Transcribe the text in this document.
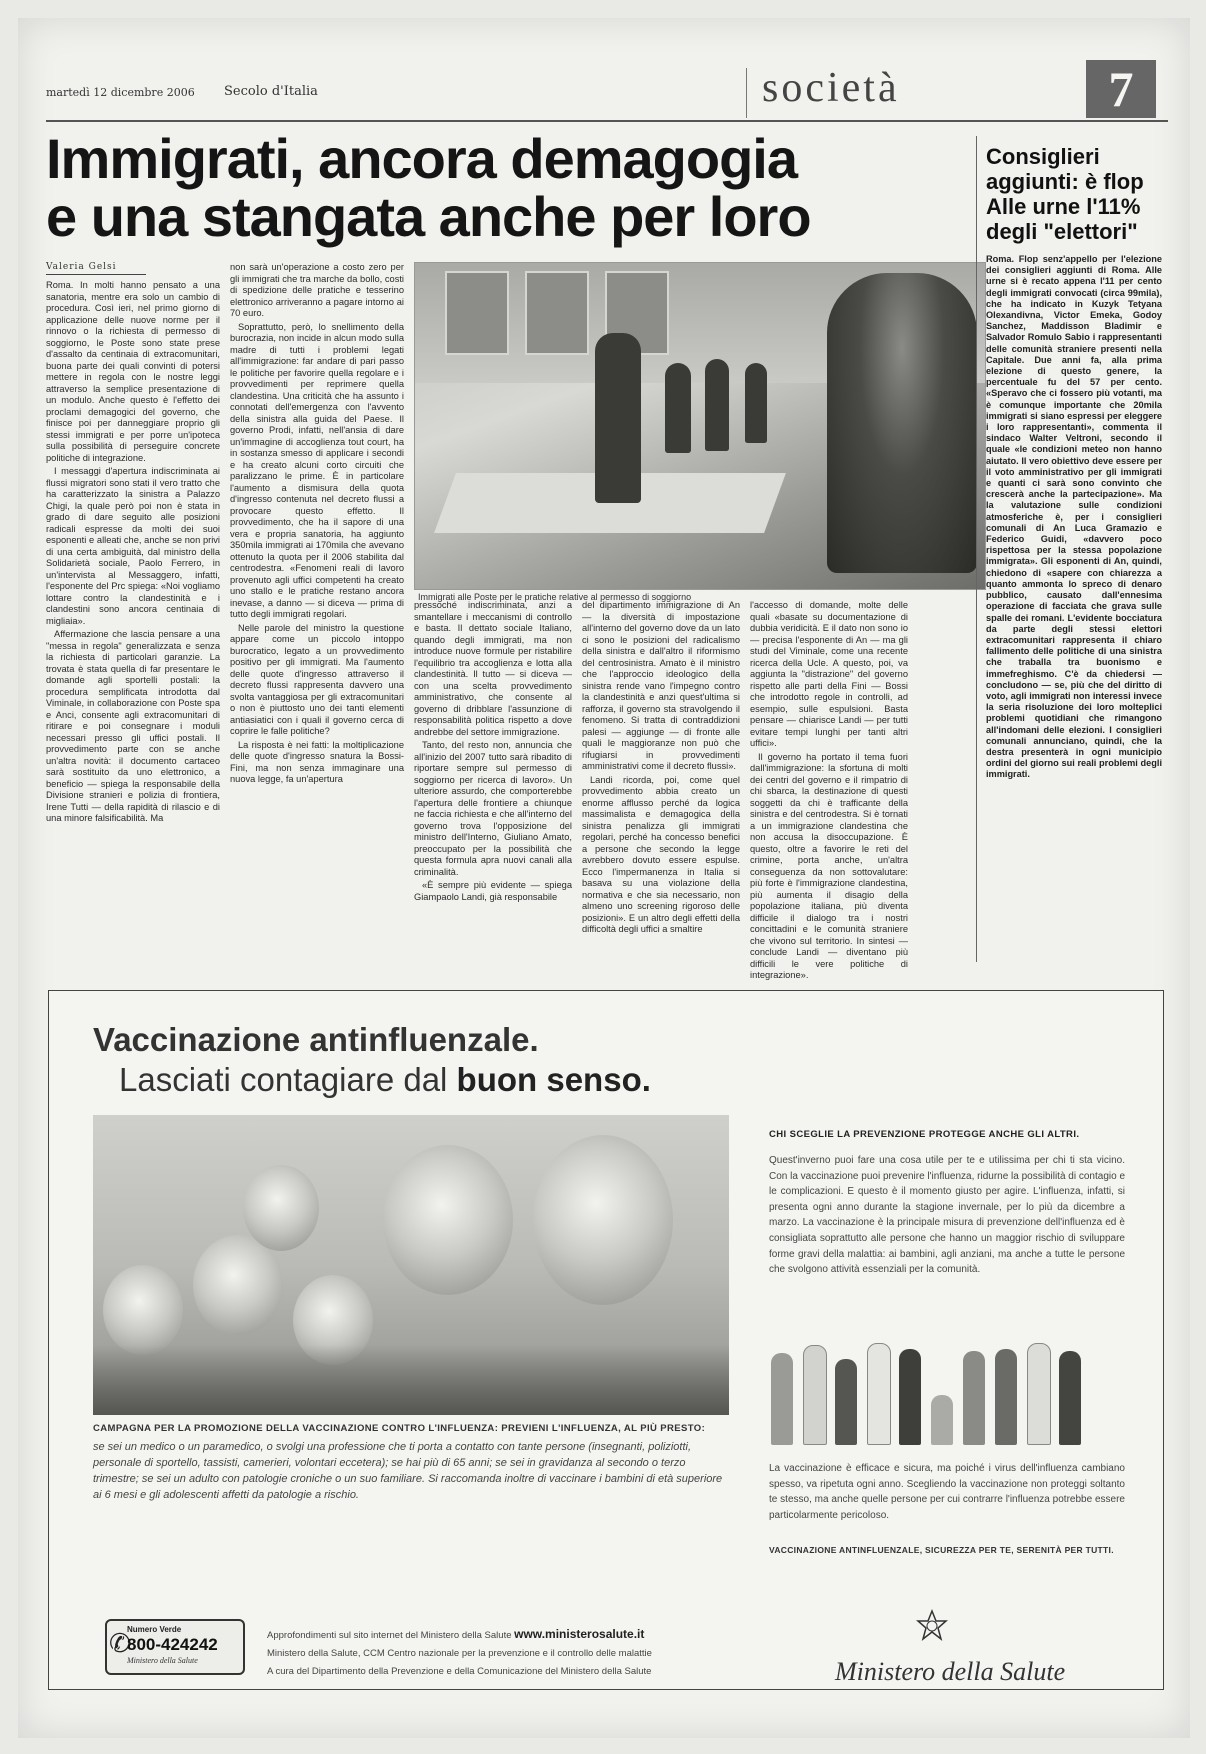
martedì 12 dicembre 2006 Secolo d'Italia	società	7
Immigrati, ancora demagogia
e una stangata anche per loro
Valeria Gelsi

Roma. In molti hanno pensato a una sanatoria, mentre era solo un cambio di procedura. Così ieri, nel primo giorno di applicazione delle nuove norme per il rinnovo o la richiesta di permesso di soggiorno, le Poste sono state prese d'assalto da centinaia di extracomunitari, buona parte dei quali convinti di potersi mettere in regola con le nostre leggi attraverso la semplice presentazione di un modulo. Anche questo è l'effetto dei proclami demagogici del governo, che finisce poi per danneggiare proprio gli stessi immigrati e per porre un'ipoteca sulla possibilità di perseguire concrete politiche di integrazione.

I messaggi d'apertura indiscriminata ai flussi migratori sono stati il vero tratto che ha caratterizzato la sinistra a Palazzo Chigi, la quale però poi non è stata in grado di dare seguito alle posizioni radicali espresse da molti dei suoi esponenti e alleati che, anche se non privi di una certa ambiguità, dal ministro della Solidarietà sociale, Paolo Ferrero, in un'intervista al Messaggero, infatti, l'esponente del Prc spiega: «Noi vogliamo lottare contro la clandestinità e i clandestini sono ancora centinaia di migliaia».

Affermazione che lascia pensare a una "messa in regola" generalizzata e senza la richiesta di particolari garanzie. La trovata è stata quella di far presentare le domande agli sportelli postali: la procedura semplificata introdotta dal Viminale, in collaborazione con Poste spa e Anci, consente agli extracomunitari di ritirare e poi consegnare i moduli necessari presso gli uffici postali. Il provvedimento parte con se anche un'altra novità: il documento cartaceo sarà sostituito da uno elettronico, a beneficio — spiega la responsabile della Divisione stranieri e polizia di frontiera, Irene Tutti — della rapidità di rilascio e di una minore falsificabilità. Ma

non sarà un'operazione a costo zero per gli immigrati che tra marche da bollo, costi di spedizione delle pratiche e tesserino elettronico arriveranno a pagare intorno ai 70 euro.

Soprattutto, però, lo snellimento della burocrazia, non incide in alcun modo sulla madre di tutti i problemi legati all'immigrazione: far andare di pari passo le politiche per favorire quella regolare e i provvedimenti per reprimere quella clandestina. Una criticità che ha assunto i connotati dell'emergenza con l'avvento della sinistra alla guida del Paese. Il governo Prodi, infatti, nell'ansia di dare un'immagine di accoglienza tout court, ha in sostanza smesso di applicare i secondi e ha creato alcuni corto circuiti che paralizzano le prime. È in particolare l'aumento a dismisura della quota d'ingresso contenuta nel decreto flussi a provocare questo effetto. Il provvedimento, che ha il sapore di una vera e propria sanatoria, ha aggiunto 350mila immigrati ai 170mila che avevano ottenuto la quota per il 2006 stabilita dal centrodestra. «Fenomeni reali di lavoro provenuto agli uffici competenti ha creato uno stallo e le pratiche restano ancora inevase, a danno — si diceva — prima di tutto degli immigrati regolari.

Nelle parole del ministro la questione appare come un piccolo intoppo burocratico, legato a un provvedimento positivo per gli immigrati. Ma l'aumento delle quote d'ingresso attraverso il decreto flussi rappresenta davvero una svolta vantaggiosa per gli extracomunitari o non è piuttosto uno dei tanti elementi antiasiatici con i quali il governo cerca di coprire le falle politiche?

La risposta è nei fatti: la moltiplicazione delle quote d'ingresso snatura la Bossi-Fini, ma non senza immaginare una nuova legge, fa un'apertura

Immigrati alle Poste per le pratiche relative al permesso di soggiorno

pressoché indiscriminata, anzi a smantellare i meccanismi di controllo e basta. Il dettato sociale Italiano, quando degli immigrati, ma non introduce nuove formule per ristabilire l'equilibrio tra accoglienza e lotta alla clandestinità. Il tutto — si diceva — con una scelta provvedimento amministrativo, che consente al governo di dribblare l'assunzione di responsabilità politica rispetto a dove andrebbe del settore immigrazione.

Tanto, del resto non, annuncia che all'inizio del 2007 tutto sarà ribadito di riportare sempre sul permesso di soggiorno per ricerca di lavoro». Un ulteriore assurdo, che comporterebbe l'apertura delle frontiere a chiunque ne faccia richiesta e che all'interno del governo trova l'opposizione del ministro dell'Interno, Giuliano Amato, preoccupato per la possibilità che questa formula apra nuovi canali alla criminalità.

«È sempre più evidente — spiega Giampaolo Landi, già responsabile

del dipartimento immigrazione di An — la diversità di impostazione all'interno del governo dove da un lato ci sono le posizioni del radicalismo della sinistra e dall'altro il riformismo del centrosinistra. Amato è il ministro che l'approccio ideologico della sinistra rende vano l'impegno contro la clandestinità e anzi quest'ultima si rafforza, il governo sta stravolgendo il fenomeno. Si tratta di contraddizioni palesi — aggiunge — di fronte alle quali le maggioranze non può che rifugiarsi in provvedimenti amministrativi come il decreto flussi».

Landi ricorda, poi, come quel provvedimento abbia creato un enorme afflusso perché da logica massimalista e demagogica della sinistra penalizza gli immigrati regolari, perché ha concesso benefici a persone che secondo la legge avrebbero dovuto essere espulse. Ecco l'impermanenza in Italia si basava su una violazione della normativa e che sia necessario, non almeno uno screening rigoroso delle posizioni». E un altro degli effetti della difficoltà degli uffici a smaltire

l'accesso di domande, molte delle quali «basate su documentazione di dubbia veridicità. E il dato non sono io — precisa l'esponente di An — ma gli studi del Viminale, come una recente ricerca della Ucle. A questo, poi, va aggiunta la "distrazione" del governo rispetto alle parti della Fini — Bossi che introdotto regole in controlli, ad esempio, sulle espulsioni. Basta pensare — chiarisce Landi — per tutti evitare tempi lunghi per tanti altri uffici».

Il governo ha portato il tema fuori dall'immigrazione: la sfortuna di molti dei centri del governo e il rimpatrio di chi sbarca, la destinazione di questi soggetti da chi è trafficante della sinistra e del centrodestra. Si è tornati a un immigrazione clandestina che non accusa la disoccupazione. È questo, oltre a favorire le reti del crimine, porta anche, un'altra conseguenza da non sottovalutare: più forte è l'immigrazione clandestina, più aumenta il disagio della popolazione italiana, più diventa difficile il dialogo tra i nostri concittadini e le comunità straniere che vivono sul territorio. In sintesi — conclude Landi — diventano più difficili le vere politiche di integrazione».

Consiglieri aggiunti: è flop Alle urne l'11% degli "elettori"
Roma. Flop senz'appello per l'elezione dei consiglieri aggiunti di Roma. Alle urne si è recato appena l'11 per cento degli immigrati convocati (circa 99mila), che ha indicato in Kuzyk Tetyana Olexandivna, Victor Emeka, Godoy Sanchez, Maddisson Bladimir e Salvador Romulo Sabio i rappresentanti delle comunità straniere presenti nella Capitale. Due anni fa, alla prima elezione di questo genere, la percentuale fu del 57 per cento. «Speravo che ci fossero più votanti, ma è comunque importante che 20mila immigrati si siano espressi per eleggere i loro rappresentanti», commenta il sindaco Walter Veltroni, secondo il quale «le condizioni meteo non hanno aiutato. Il vero obiettivo deve essere per il voto amministrativo per gli immigrati e quanti ci sarà sono convinto che crescerà anche la partecipazione». Ma la valutazione sulle condizioni atmosferiche è, per i consiglieri comunali di An Luca Gramazio e Federico Guidi, «davvero poco rispettosa per la stessa popolazione immigrata». Gli esponenti di An, quindi, chiedono di «sapere con chiarezza a quanto ammonta lo spreco di denaro pubblico, causato dall'ennesima operazione di facciata che grava sulle spalle dei romani. L'evidente bocciatura da parte degli stessi elettori extracomunitari rappresenta il chiaro fallimento delle politiche di una sinistra che traballa tra buonismo e immefreghismo. C'è da chiedersi — concludono — se, più che del diritto di voto, agli immigrati non interessi invece la seria risoluzione dei loro molteplici problemi quotidiani che rimangono all'indomani delle elezioni. I consiglieri comunali annunciano, quindi, che la destra presenterà in ogni municipio ordini del giorno sui reali problemi degli immigrati.
Vaccinazione antinfluenzale.
Lasciati contagiare dal buon senso.
CAMPAGNA PER LA PROMOZIONE DELLA VACCINAZIONE CONTRO L'INFLUENZA: PREVIENI L'INFLUENZA, AL PIÙ PRESTO:
se sei un medico o un paramedico, o svolgi una professione che ti porta a contatto con tante persone (insegnanti, poliziotti, personale di sportello, tassisti, camerieri, volontari eccetera); se hai più di 65 anni; se sei in gravidanza al secondo o terzo trimestre; se sei un adulto con patologie croniche o un suo familiare. Si raccomanda inoltre di vaccinare i bambini di età superiore ai 6 mesi e gli adolescenti affetti da patologie a rischio.
CHI SCEGLIE LA PREVENZIONE PROTEGGE ANCHE GLI ALTRI.
Quest'inverno puoi fare una cosa utile per te e utilissima per chi ti sta vicino. Con la vaccinazione puoi prevenire l'influenza, ridurne la possibilità di contagio e le complicazioni. E questo è il momento giusto per agire. L'influenza, infatti, si presenta ogni anno durante la stagione invernale, per lo più da dicembre a marzo. La vaccinazione è la principale misura di prevenzione dell'influenza ed è consigliata soprattutto alle persone che hanno un maggior rischio di sviluppare forme gravi della malattia: ai bambini, agli anziani, ma anche a tutte le persone che svolgono attività essenziali per la comunità.
La vaccinazione è efficace e sicura, ma poiché i virus dell'influenza cambiano spesso, va ripetuta ogni anno. Scegliendo la vaccinazione non proteggi soltanto te stesso, ma anche quelle persone per cui contrarre l'influenza potrebbe essere particolarmente pericoloso.
VACCINAZIONE ANTINFLUENZALE, SICUREZZA PER TE, SERENITÀ PER TUTTI.
✆
Numero Verde
800-424242
Ministero della Salute
Approfondimenti sul sito internet del Ministero della Salute www.ministerosalute.it
Ministero della Salute, CCM Centro nazionale per la prevenzione e il controllo delle malattie
A cura del Dipartimento della Prevenzione e della Comunicazione del Ministero della Salute	Ministero della Salute
